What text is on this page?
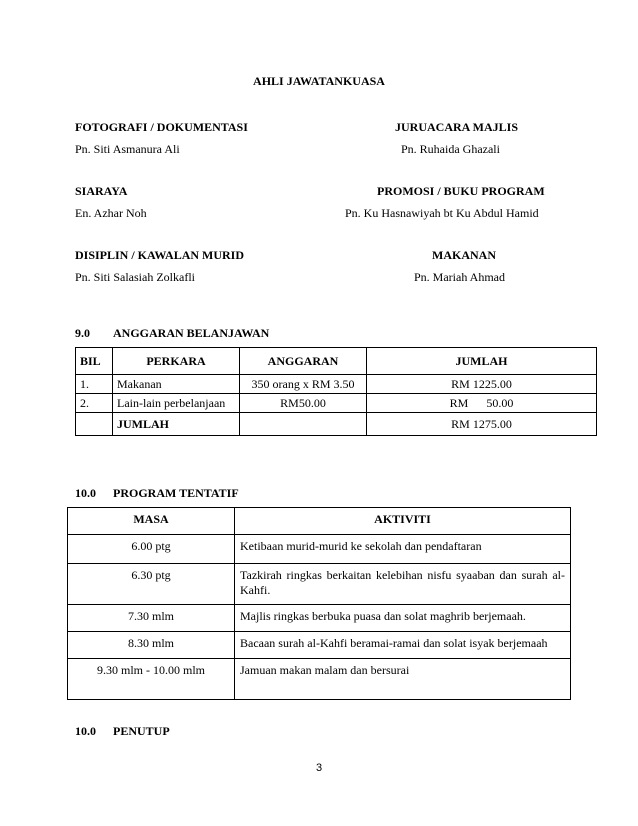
AHLI JAWATANKUASA
FOTOGRAFI / DOKUMENTASI
Pn. Siti Asmanura Ali
JURUACARA MAJLIS
Pn. Ruhaida Ghazali
SIARAYA
En. Azhar Noh
PROMOSI / BUKU PROGRAM
Pn. Ku Hasnawiyah bt Ku Abdul Hamid
DISIPLIN / KAWALAN MURID
Pn. Siti Salasiah Zolkafli
MAKANAN
Pn. Mariah Ahmad
9.0 ANGGARAN BELANJAWAN
BIL	PERKARA	ANGGARAN	JUMLAH
1.	Makanan	350 orang x RM 3.50	RM 1225.00
2.	Lain-lain perbelanjaan	RM50.00	RM      50.00
	JUMLAH		RM 1275.00
10.0 PROGRAM TENTATIF
MASA	AKTIVITI
6.00 ptg	Ketibaan murid-murid ke sekolah dan pendaftaran
6.30 ptg	Tazkirah ringkas berkaitan kelebihan nisfu syaaban dan surah al-Kahfi.
7.30 mlm	Majlis ringkas berbuka puasa dan solat maghrib berjemaah.
8.30 mlm	Bacaan surah al-Kahfi beramai-ramai dan solat isyak berjemaah
9.30 mlm - 10.00 mlm	Jamuan makan malam dan bersurai
10.0 PENUTUP
3
